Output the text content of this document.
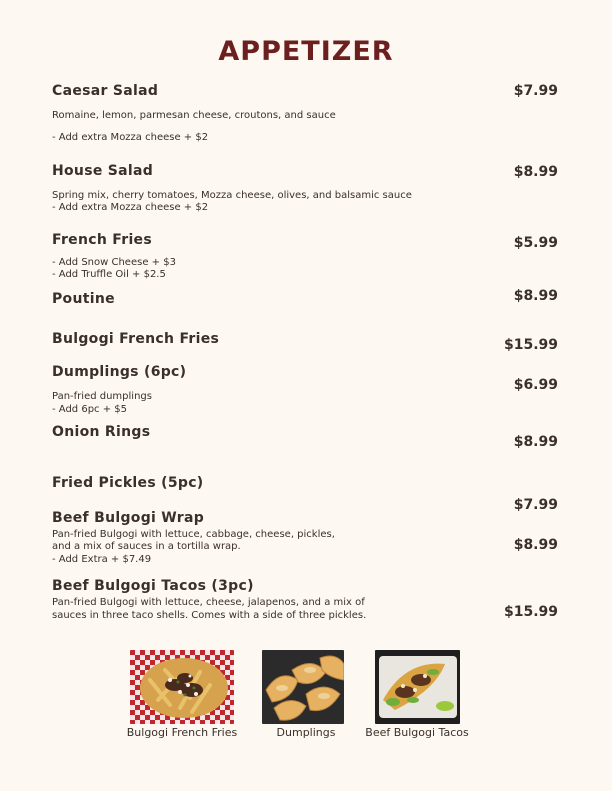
APPETIZER
Caesar Salad
Romaine, lemon, parmesan cheese, croutons, and sauce
- Add extra Mozza cheese + $2
$7.99
House Salad
Spring mix, cherry tomatoes, Mozza cheese, olives, and balsamic sauce
- Add extra Mozza cheese + $2
$8.99
French Fries
- Add Snow Cheese + $3
- Add Truffle Oil + $2.5
$5.99
Poutine	$8.99
Bulgogi French Fries	$15.99
Dumplings (6pc)
Pan-fried dumplings
- Add 6pc + $5
$6.99
Onion Rings
$8.99
Fried Pickles (5pc)
$7.99
Beef Bulgogi Wrap
Pan-fried Bulgogi with lettuce, cabbage, cheese, pickles,
and a mix of sauces in a tortilla wrap.
- Add Extra + $7.49
$8.99
Beef Bulgogi Tacos (3pc)
Pan-fried Bulgogi with lettuce, cheese, jalapenos, and a mix of
sauces in three taco shells. Comes with a side of three pickles.	$15.99
Bulgogi French Fries	Dumplings	Beef Bulgogi Tacos
